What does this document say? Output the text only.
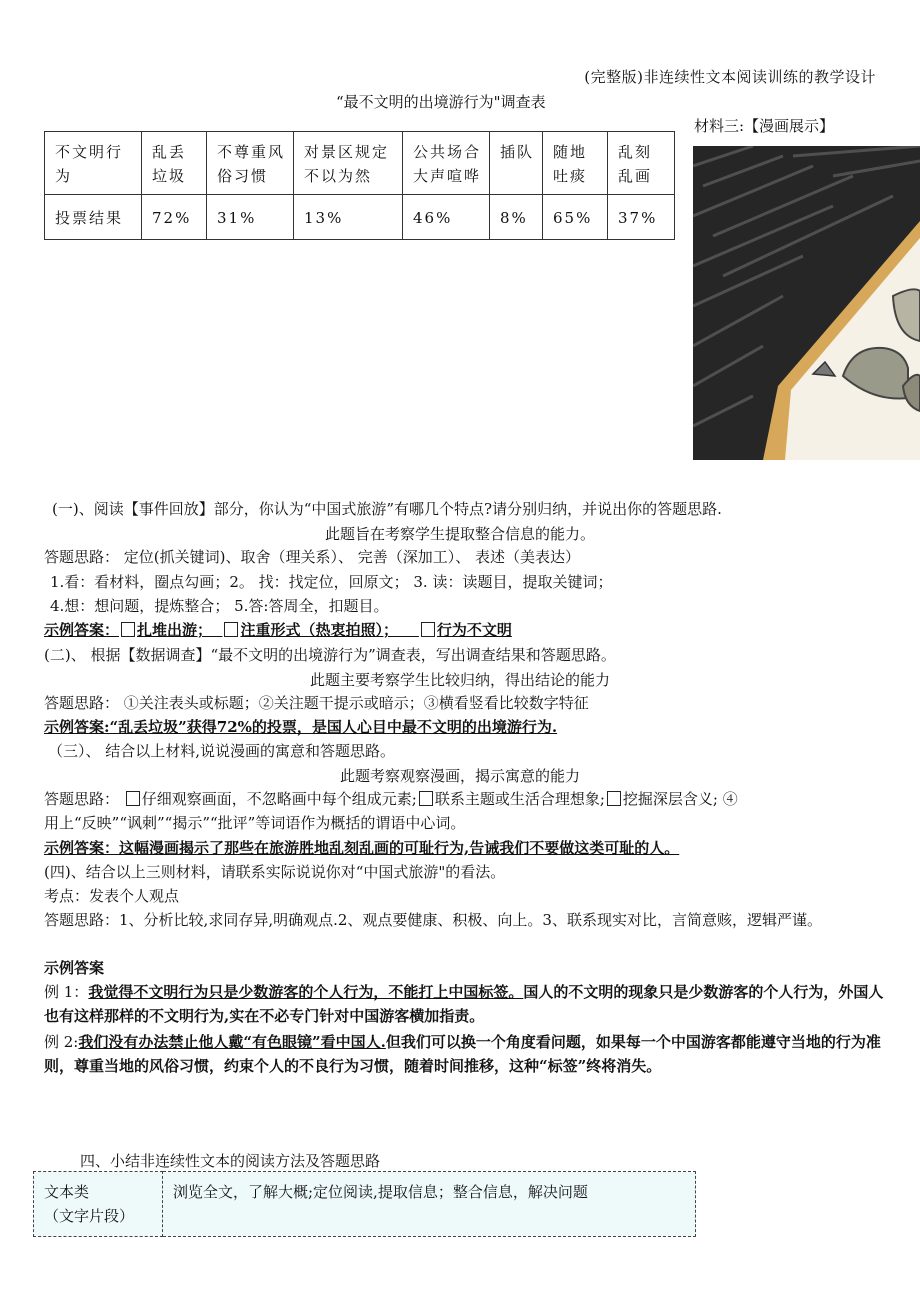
(完整版)非连续性文本阅读训练的教学设计
“最不文明的出境游行为"调查表
材料三:【漫画展示】
不文明行为	乱丢垃圾	不尊重风俗习惯	对景区规定不以为然	公共场合大声喧哗	插队	随地吐痰	乱刻乱画
投票结果	72%	31%	13%	46%	8%	65%	37%
(一)、阅读【事件回放】部分，你认为“中国式旅游”有哪几个特点?请分别归纳，并说出你的答题思路.
此题旨在考察学生提取整合信息的能力。
答题思路： 定位(抓关键词)、取舍（理关系）、 完善（深加工）、 表述（美表达）
1.看：看材料，圈点勾画；2。 找：找定位，回原文； 3. 读：读题目，提取关键词；
4.想：想问题，提炼整合； 5.答:答周全，扣题目。
示例答案： 扎堆出游； 注重形式（热衷拍照）；	行为不文明
(二)、 根据【数据调查】“最不文明的出境游行为”调查表，写出调查结果和答题思路。
此题主要考察学生比较归纳，得出结论的能力
答题思路： ①关注表头或标题；②关注题干提示或暗示；③横看竖看比较数字特征
示例答案:“乱丢垃圾”获得72%的投票，是国人心目中最不文明的出境游行为.
（三）、 结合以上材料,说说漫画的寓意和答题思路。
此题考察观察漫画，揭示寓意的能力
答题思路： 仔细观察画面，不忽略画中每个组成元素; 联系主题或生活合理想象; 挖掘深层含义; ④
用上“反映”“讽刺”“揭示”“批评”等词语作为概括的谓语中心词。
示例答案：这幅漫画揭示了那些在旅游胜地乱刻乱画的可耻行为,告诫我们不要做这类可耻的人。
(四)、结合以上三则材料，请联系实际说说你对“中国式旅游"的看法。
考点：发表个人观点
答题思路：1、分析比较,求同存异,明确观点.2、观点要健康、积极、向上。3、联系现实对比，言简意赅，逻辑严谨。
示例答案
例 1：我觉得不文明行为只是少数游客的个人行为，不能打上中国标签。国人的不文明的现象只是少数游客的个人行为，外国人也有这样那样的不文明行为,实在不必专门针对中国游客横加指责。
例 2:我们没有办法禁止他人戴“有色眼镜”看中国人.但我们可以换一个角度看问题，如果每一个中国游客都能遵守当地的行为准则，尊重当地的风俗习惯，约束个人的不良行为习惯，随着时间推移，这种“标签”终将消失。
四、小结非连续性文本的阅读方法及答题思路
文本类
（文字片段）	浏览全文，了解大概;定位阅读,提取信息；整合信息，解决问题
